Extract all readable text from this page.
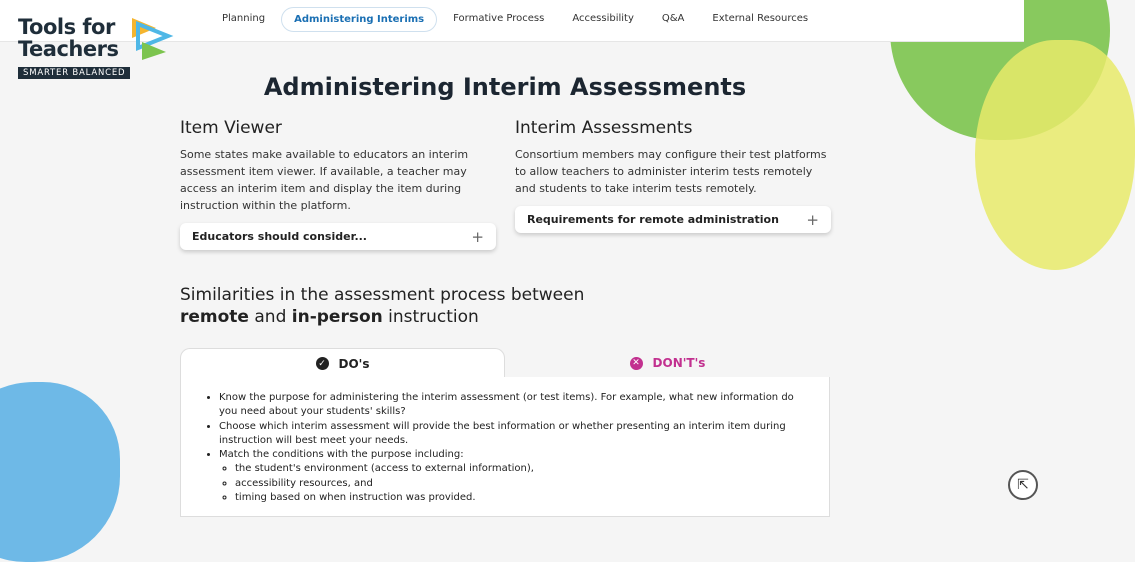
Planning	Administering Interims	Formative Process	Accessibility	Q&A	External Resources
Tools for
Teachers
SMARTER BALANCED	Administering Interim Assessments
Item Viewer

Some states make available to educators an interim assessment item viewer. If available, a teacher may access an interim item and display the item during instruction within the platform.

Educators should consider...	+
Interim Assessments

Consortium members may configure their test platforms to allow teachers to administer interim tests remotely and students to take interim tests remotely.

Requirements for remote administration +
Similarities in the assessment process between
remote and in-person instruction
✓ DO's	✕ DON'T's
• Know the purpose for administering the interim assessment (or test items). For example, what new information do you need about your students' skills?
• Choose which interim assessment will provide the best information or whether presenting an interim item during instruction will best meet your needs.
• Match the conditions with the purpose including:
◦ the student's environment (access to external information),
◦ accessibility resources, and
◦ timing based on when instruction was provided.
⇱
